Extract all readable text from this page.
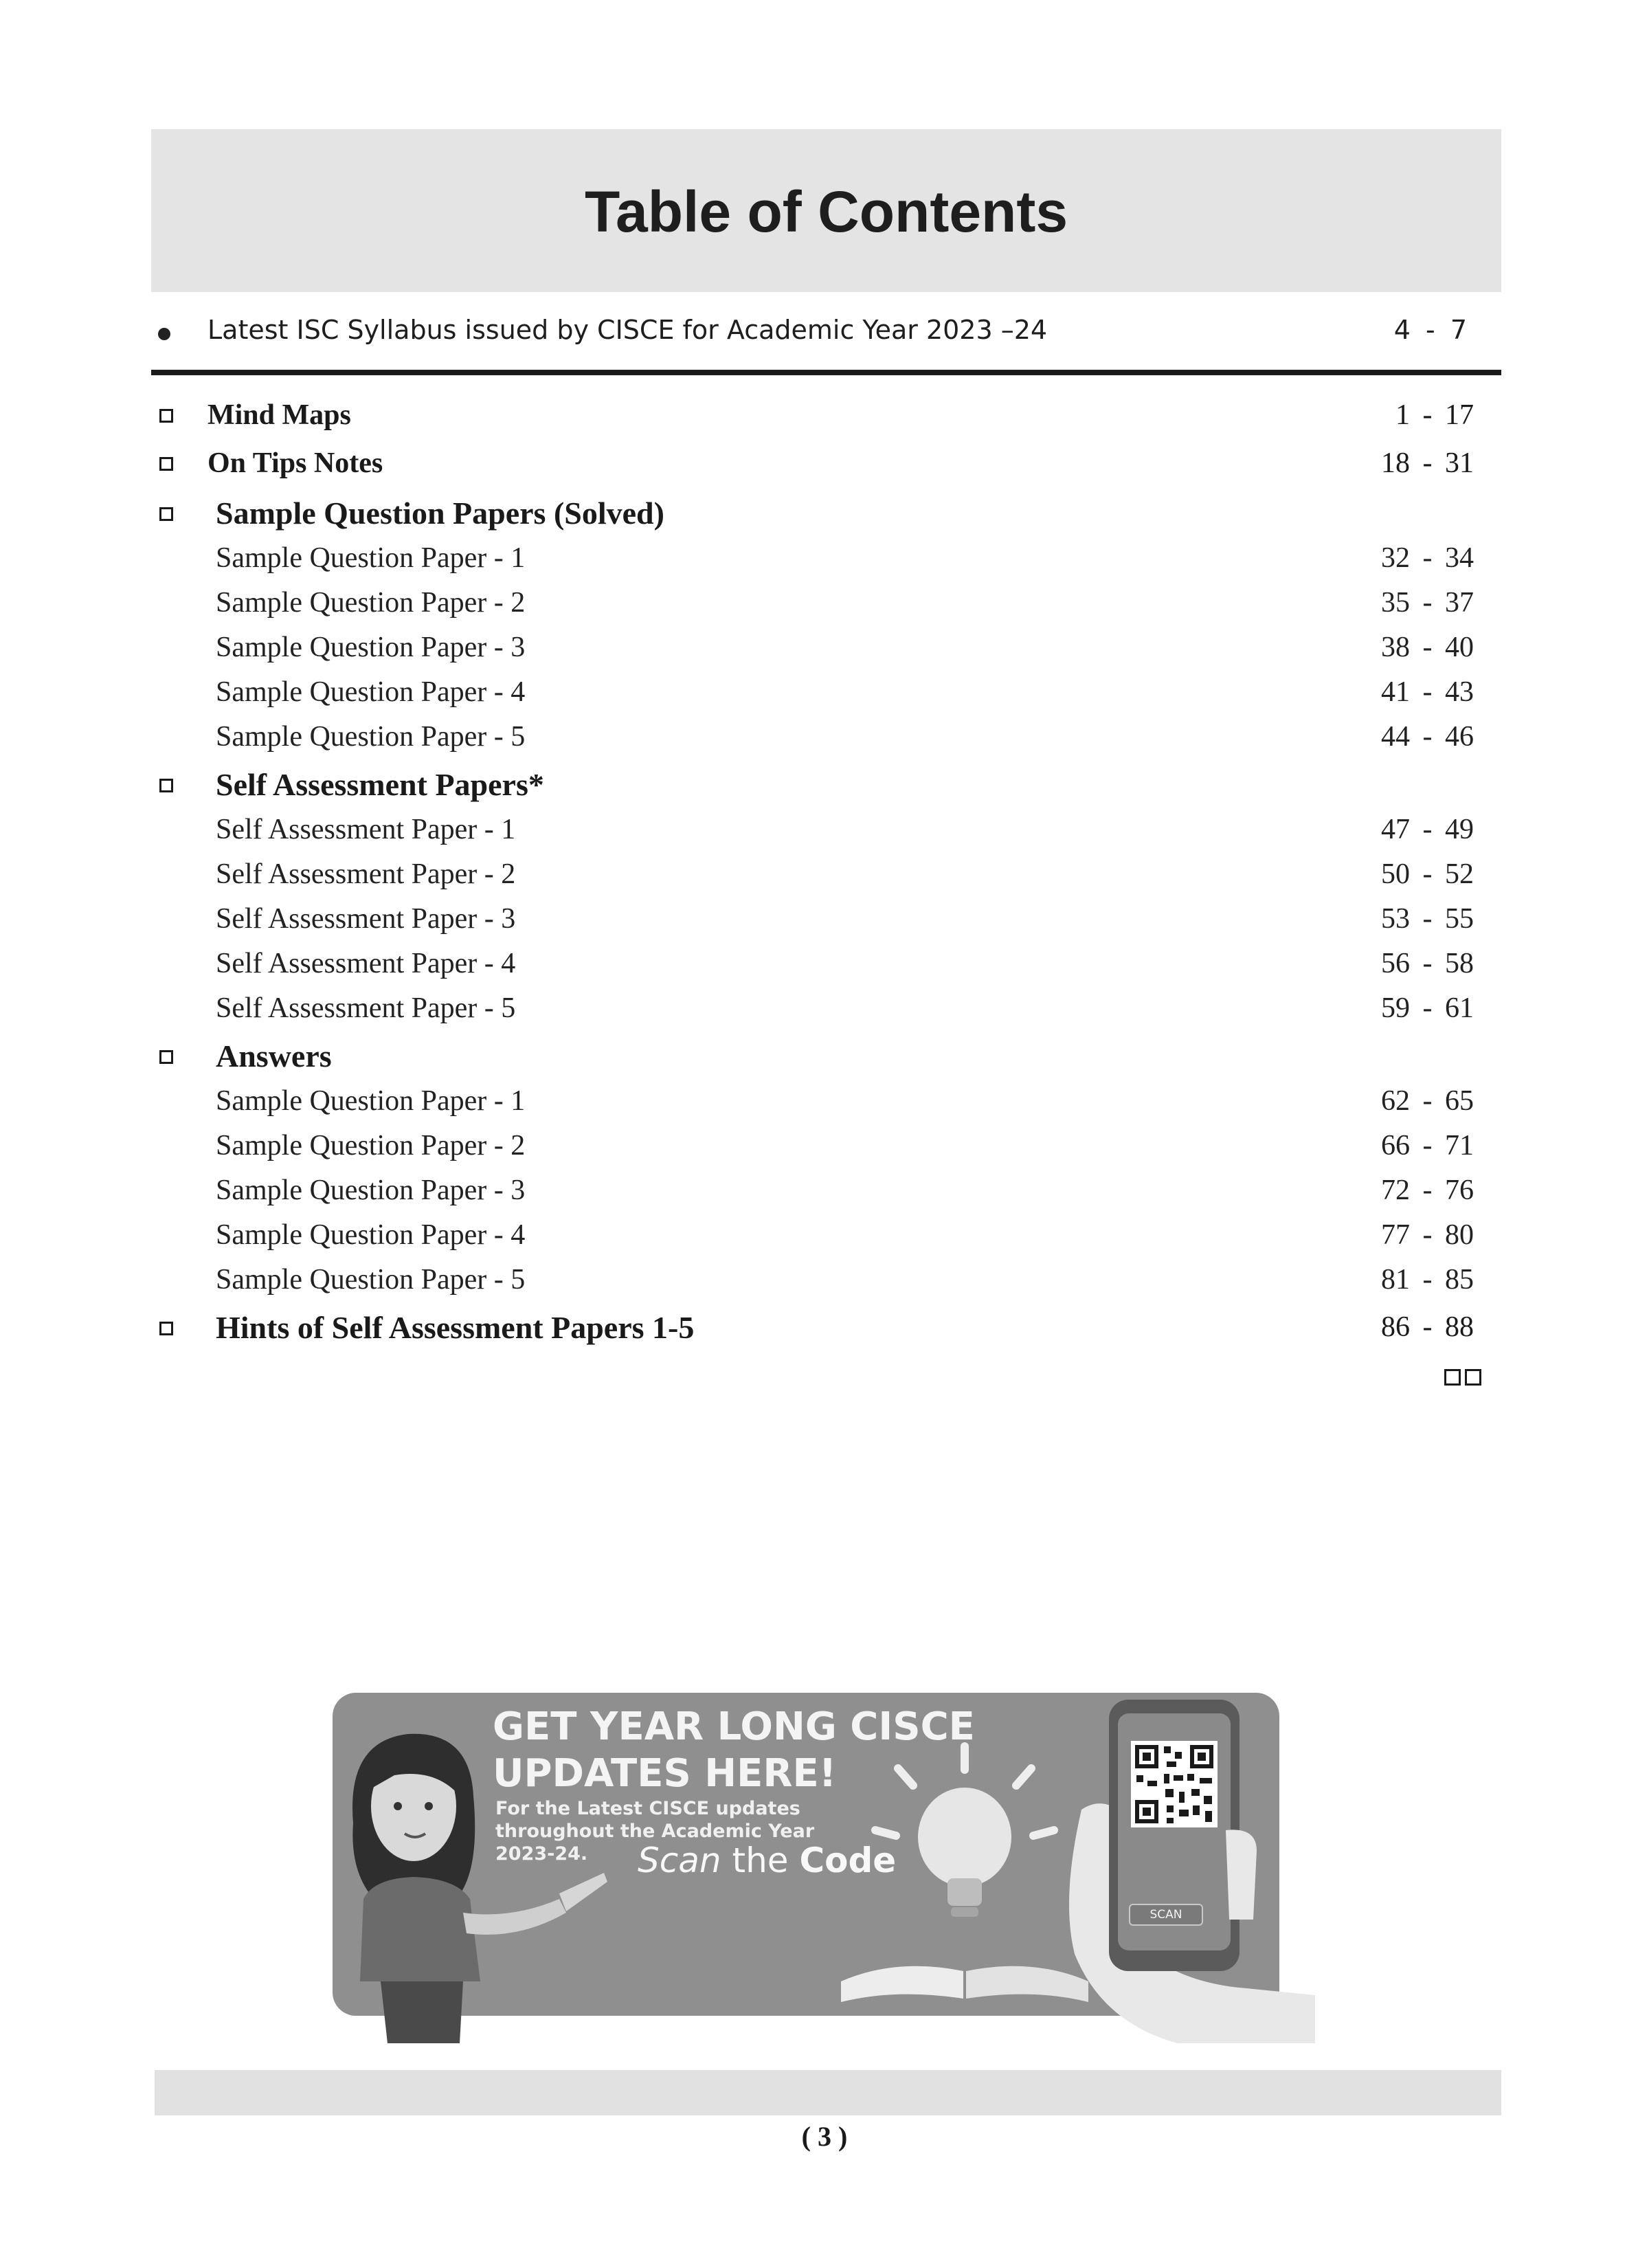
Table of Contents
Latest ISC Syllabus issued by CISCE for Academic Year 2023 –24	4 - 7
Mind Maps	1 - 17
On Tips Notes	18 - 31
Sample Question Papers (Solved)
Sample Question Paper - 1	32 - 34
Sample Question Paper - 2	35 - 37
Sample Question Paper - 3	38 - 40
Sample Question Paper - 4	41 - 43
Sample Question Paper - 5	44 - 46
Self Assessment Papers*
Self Assessment Paper - 1	47 - 49
Self Assessment Paper - 2	50 - 52
Self Assessment Paper - 3	53 - 55
Self Assessment Paper - 4	56 - 58
Self Assessment Paper - 5	59 - 61
Answers
Sample Question Paper - 1	62 - 65
Sample Question Paper - 2	66 - 71
Sample Question Paper - 3	72 - 76
Sample Question Paper - 4	77 - 80
Sample Question Paper - 5	81 - 85
Hints of Self Assessment Papers 1-5	86 - 88
GET YEAR LONG CISCE
UPDATES HERE!
For the Latest CISCE updates
throughout the Academic Year
2023-24.	Scan the Code
SCAN
( 3 )
